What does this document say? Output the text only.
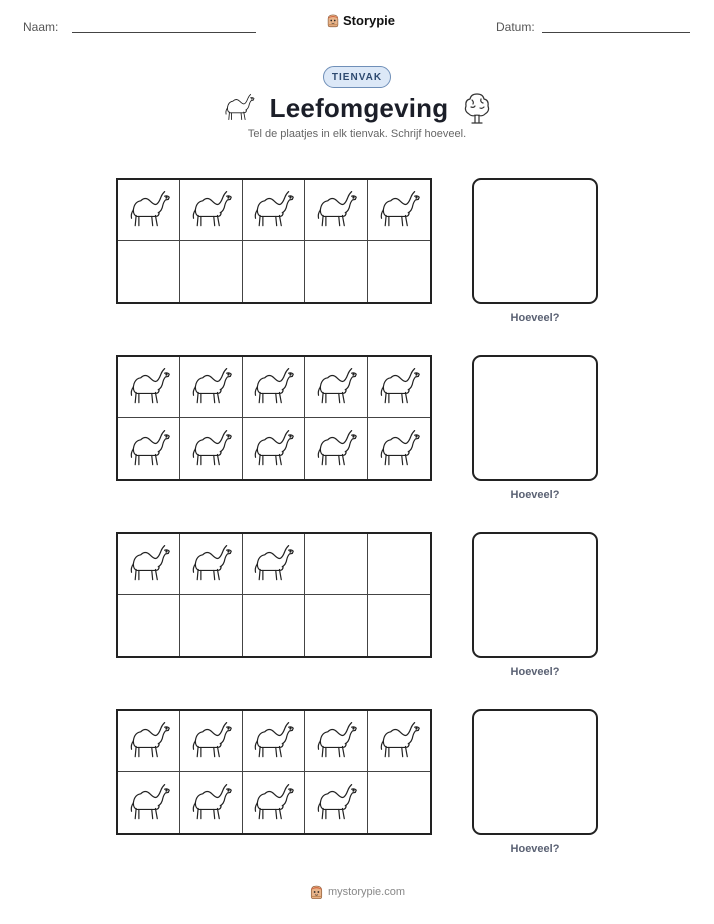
Naam:	Storypie	Datum:
TIENVAK
Leefomgeving
Tel de plaatjes in elk tienvak. Schrijf hoeveel.
Hoeveel?
Hoeveel?
Hoeveel?
Hoeveel?
mystorypie.com
